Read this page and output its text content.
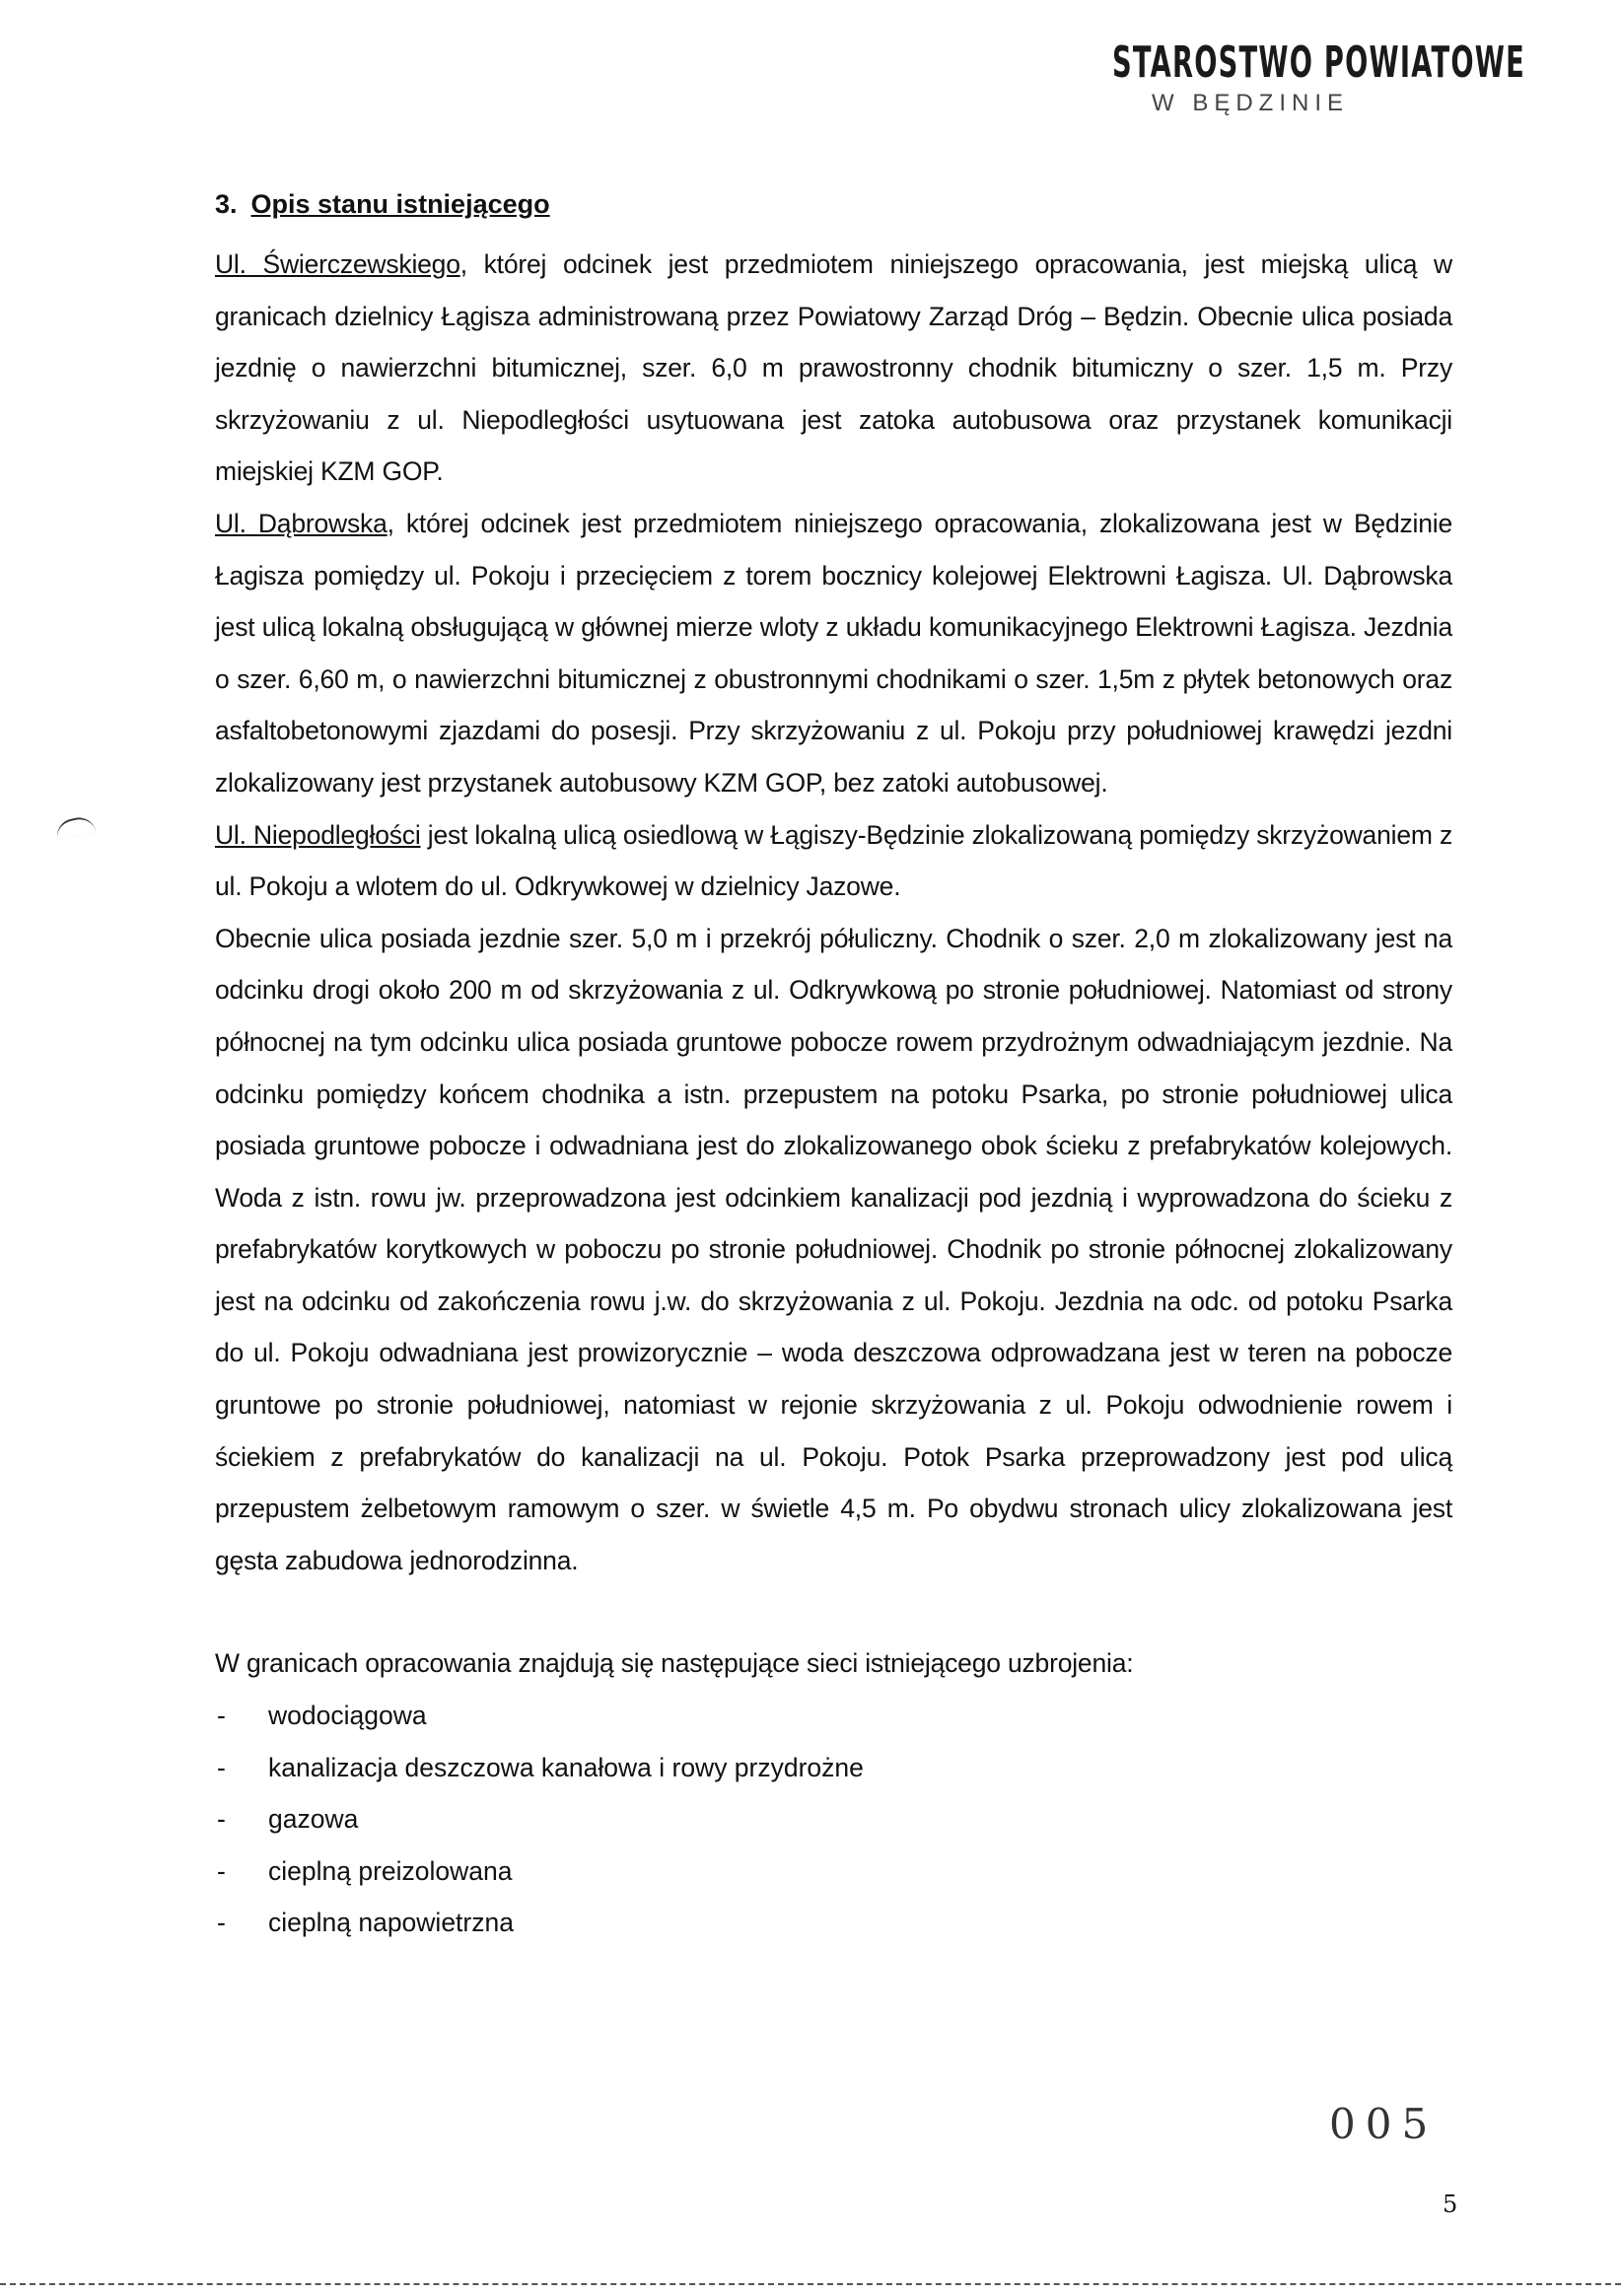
STAROSTWO POWIATOWE
W BĘDZINIE
3. Opis stanu istniejącego

Ul. Świerczewskiego, której odcinek jest przedmiotem niniejszego opracowania, jest miejską ulicą w granicach dzielnicy Łągisza administrowaną przez Powiatowy Zarząd Dróg – Będzin. Obecnie ulica posiada jezdnię o nawierzchni bitumicznej, szer. 6,0 m prawostronny chodnik bitumiczny o szer. 1,5 m. Przy skrzyżowaniu z ul. Niepodległości usytuowana jest zatoka autobusowa oraz przystanek komunikacji miejskiej KZM GOP.

Ul. Dąbrowska, której odcinek jest przedmiotem niniejszego opracowania, zlokalizowana jest w Będzinie Łagisza pomiędzy ul. Pokoju i przecięciem z torem bocznicy kolejowej Elektrowni Łagisza. Ul. Dąbrowska jest ulicą lokalną obsługującą w głównej mierze wloty z układu komunikacyjnego Elektrowni Łagisza. Jezdnia o szer. 6,60 m, o nawierzchni bitumicznej z obustronnymi chodnikami o szer. 1,5m z płytek betonowych oraz asfaltobetonowymi zjazdami do posesji. Przy skrzyżowaniu z ul. Pokoju przy południowej krawędzi jezdni zlokalizowany jest przystanek autobusowy KZM GOP, bez zatoki autobusowej.

Ul. Niepodległości jest lokalną ulicą osiedlową w Łągiszy-Będzinie zlokalizowaną pomiędzy skrzyżowaniem z ul. Pokoju a wlotem do ul. Odkrywkowej w dzielnicy Jazowe.

Obecnie ulica posiada jezdnie szer. 5,0 m i przekrój półuliczny. Chodnik o szer. 2,0 m zlokalizowany jest na odcinku drogi około 200 m od skrzyżowania z ul. Odkrywkową po stronie południowej. Natomiast od strony północnej na tym odcinku ulica posiada gruntowe pobocze rowem przydrożnym odwadniającym jezdnie. Na odcinku pomiędzy końcem chodnika a istn. przepustem na potoku Psarka, po stronie południowej ulica posiada gruntowe pobocze i odwadniana jest do zlokalizowanego obok ścieku z prefabrykatów kolejowych. Woda z istn. rowu jw. przeprowadzona jest odcinkiem kanalizacji pod jezdnią i wyprowadzona do ścieku z prefabrykatów korytkowych w poboczu po stronie południowej. Chodnik po stronie północnej zlokalizowany jest na odcinku od zakończenia rowu j.w. do skrzyżowania z ul. Pokoju. Jezdnia na odc. od potoku Psarka do ul. Pokoju odwadniana jest prowizorycznie – woda deszczowa odprowadzana jest w teren na pobocze gruntowe po stronie południowej, natomiast w rejonie skrzyżowania z ul. Pokoju odwodnienie rowem i ściekiem z prefabrykatów do kanalizacji na ul. Pokoju. Potok Psarka przeprowadzony jest pod ulicą przepustem żelbetowym ramowym o szer. w świetle 4,5 m. Po obydwu stronach ulicy zlokalizowana jest gęsta zabudowa jednorodzinna.

W granicach opracowania znajdują się następujące sieci istniejącego uzbrojenia:

-	wodociągowa
-	kanalizacja deszczowa kanałowa i rowy przydrożne
-	gazowa
-	cieplną preizolowana
-	cieplną napowietrzna
005
5
